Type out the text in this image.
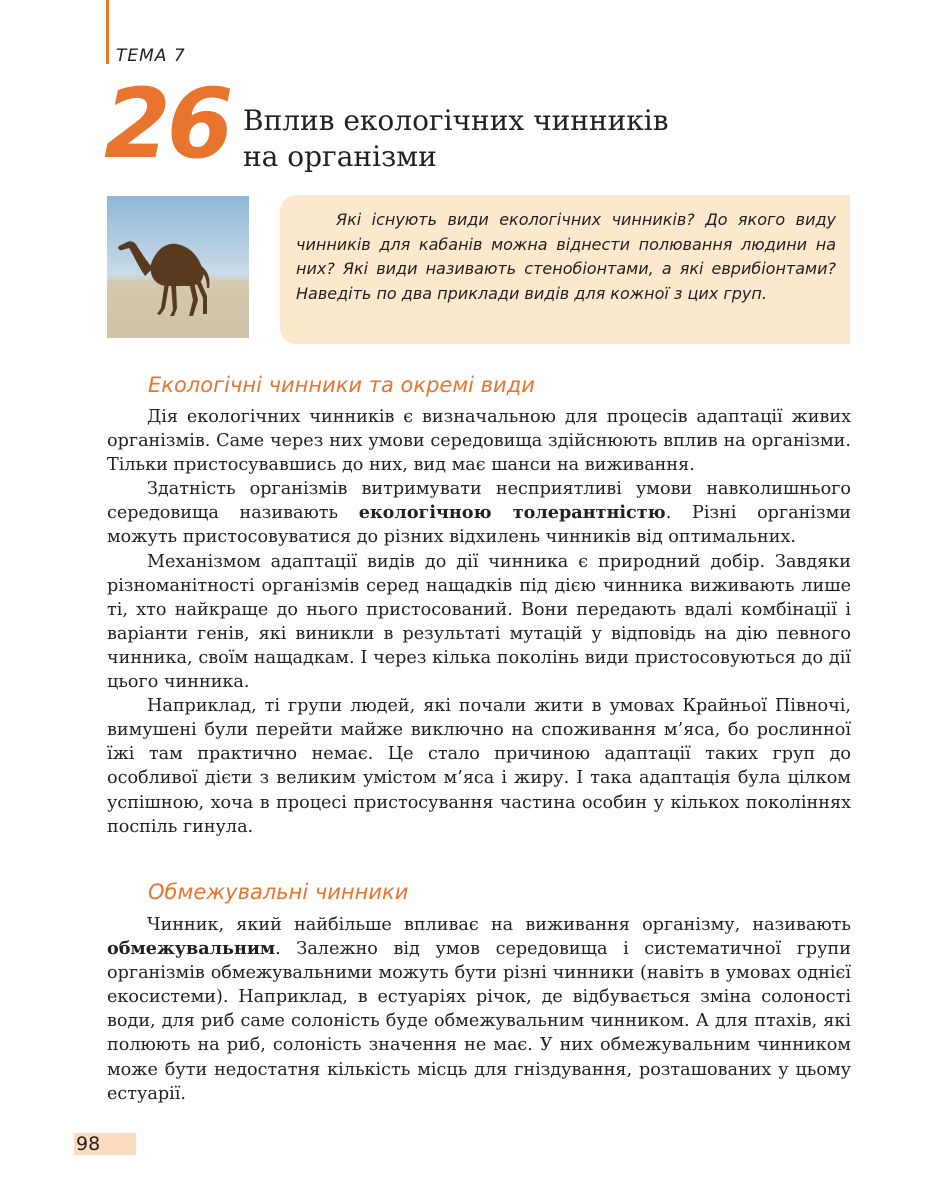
ТЕМА 7
26 Вплив екологічних чинників
на організми

Які існують види екологічних чинників? До якого виду чинників для кабанів можна віднести полювання людини на них? Які види називають стенобіонтами, а які еврибіонтами? Наведіть по два приклади видів для кожної з цих груп.

Екологічні чинники та окремі види

Дія екологічних чинників є визначальною для процесів адаптації живих організмів. Саме через них умови середовища здійснюють вплив на організми. Тільки пристосувавшись до них, вид має шанси на виживання.

Здатність організмів витримувати несприятливі умови навколишнього середовища називають екологічною толерантністю. Різні організми можуть пристосовуватися до різних відхилень чинників від оптимальних.

Механізмом адаптації видів до дії чинника є природний добір. Завдяки різноманітності організмів серед нащадків під дією чинника виживають лише ті, хто найкраще до нього пристосований. Вони передають вдалі комбінації і варіанти генів, які виникли в результаті мутацій у відповідь на дію певного чинника, своїм нащадкам. І через кілька поколінь види пристосовуються до дії цього чинника.

Наприклад, ті групи людей, які почали жити в умовах Крайньої Півночі, вимушені були перейти майже виключно на споживання м’яса, бо рослинної їжі там практично немає. Це стало причиною адаптації таких груп до особливої дієти з великим умістом м’яса і жиру. І така адаптація була цілком успішною, хоча в процесі пристосування частина особин у кількох поколіннях поспіль гинула.

Обмежувальні чинники

Чинник, який найбільше впливає на виживання організму, називають обмежувальним. Залежно від умов середовища і систематичної групи організмів обмежувальними можуть бути різні чинники (навіть в умовах однієї екосистеми). Наприклад, в естуаріях річок, де відбувається зміна солоності води, для риб саме солоність буде обмежувальним чинником. А для птахів, які полюють на риб, солоність значення не має. У них обмежувальним чинником може бути недостатня кількість місць для гніздування, розташованих у цьому естуарії.

98
